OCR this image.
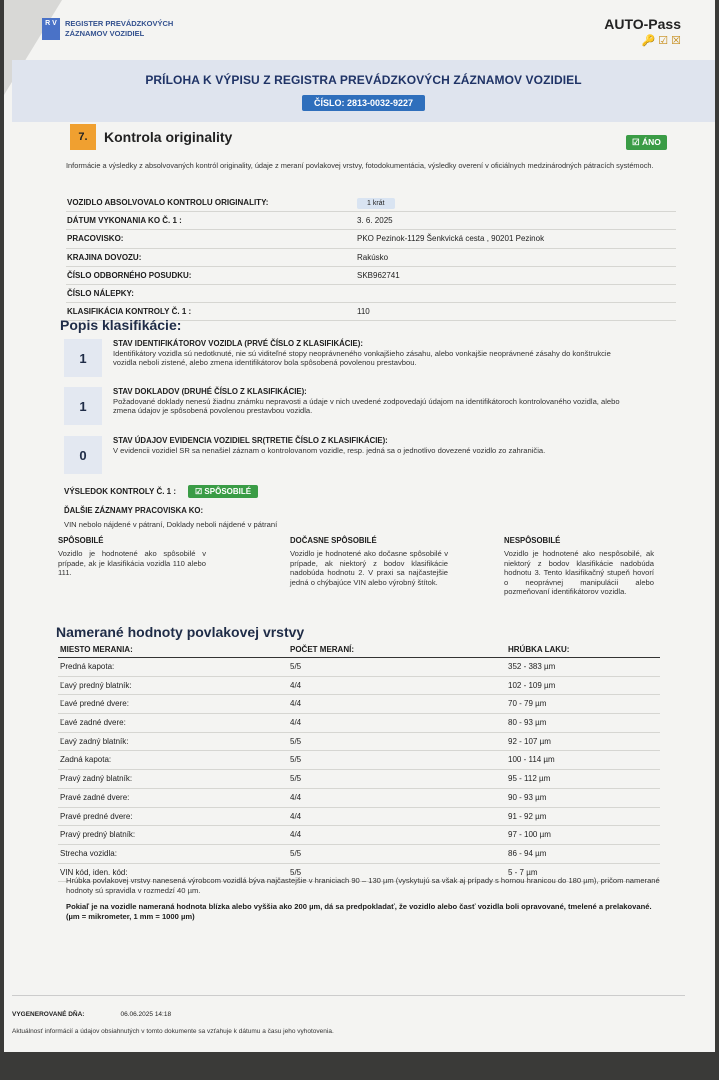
R V	REGISTER PREVÁDZKOVÝCH
ZÁZNAMOV VOZIDIEL
AUTO-Pass
🔑 ☑ ☒
PRÍLOHA K VÝPISU Z REGISTRA PREVÁDZKOVÝCH ZÁZNAMOV VOZIDIEL
ČÍSLO: 2813-0032-9227
7.	Kontrola originality	☑ ÁNO
Informácie a výsledky z absolvovaných kontról originality, údaje z meraní povlakovej vrstvy, fotodokumentácia, výsledky overení v oficiálnych medzinárodných pátracích systémoch.
VOZIDLO ABSOLVOVALO KONTROLU ORIGINALITY:	1 krát
DÁTUM VYKONANIA KO Č. 1 :	3. 6. 2025
PRACOVISKO:	PKO Pezinok-1129 Šenkvická cesta , 90201 Pezinok
KRAJINA DOVOZU:	Rakúsko
ČÍSLO ODBORNÉHO POSUDKU:	SKB962741
ČÍSLO NÁLEPKY:
KLASIFIKÁCIA KONTROLY Č. 1 :	110
Popis klasifikácie:
1
STAV IDENTIFIKÁTOROV VOZIDLA (PRVÉ ČÍSLO Z KLASIFIKÁCIE):
Identifikátory vozidla sú nedotknuté, nie sú viditeľné stopy neoprávneného vonkajšieho zásahu, alebo vonkajšie neoprávnené zásahy do konštrukcie vozidla neboli zistené, alebo zmena identifikátorov bola spôsobená povolenou prestavbou.
1
STAV DOKLADOV (DRUHÉ ČÍSLO Z KLASIFIKÁCIE):
Požadované doklady nenesú žiadnu známku nepravosti a údaje v nich uvedené zodpovedajú údajom na identifikátoroch kontrolovaného vozidla, alebo zmena údajov je spôsobená povolenou prestavbou vozidla.
0
STAV ÚDAJOV EVIDENCIA VOZIDIEL SR(TRETIE ČÍSLO Z KLASIFIKÁCIE):
V evidencii vozidiel SR sa nenašiel záznam o kontrolovanom vozidle, resp. jedná sa o jednotlivo dovezené vozidlo zo zahraničia.
VÝSLEDOK KONTROLY Č. 1 :	☑ SPÔSOBILÉ
ĎALŠIE ZÁZNAMY PRACOVISKA KO:
VIN nebolo nájdené v pátraní, Doklady neboli nájdené v pátraní
SPÔSOBILÉ
Vozidlo je hodnotené ako spôsobilé v prípade, ak je klasifikácia vozidla 110 alebo 111.
DOČASNE SPÔSOBILÉ
Vozidlo je hodnotené ako dočasne spôsobilé v prípade, ak niektorý z bodov klasifikácie nadobúda hodnotu 2. V praxi sa najčastejšie jedná o chýbajúce VIN alebo výrobný štítok.
NESPÔSOBILÉ
Vozidlo je hodnotené ako nespôsobilé, ak niektorý z bodov klasifikácie nadobúda hodnotu 3. Tento klasifikačný stupeň hovorí o neoprávnej manipulácii alebo pozmeňovaní identifikátorov vozidla.
Namerané hodnoty povlakovej vrstvy
MIESTO MERANIA:	POČET MERANÍ:	HRÚBKA LAKU:
Predná kapota:	5/5	352 - 383 µm
Ľavý predný blatník:	4/4	102 - 109 µm
Ľavé predné dvere:	4/4	70 - 79 µm
Ľavé zadné dvere:	4/4	80 - 93 µm
Ľavý zadný blatník:	5/5	92 - 107 µm
Zadná kapota:	5/5	100 - 114 µm
Pravý zadný blatník:	5/5	95 - 112 µm
Pravé zadné dvere:	4/4	90 - 93 µm
Pravé predné dvere:	4/4	91 - 92 µm
Pravý predný blatník:	4/4	97 - 100 µm
Strecha vozidla:	5/5	86 - 94 µm
VIN kód, iden. kód:	5/5	5 - 7 µm
Hrúbka povlakovej vrstvy nanesená výrobcom vozidlá býva najčastejšie v hraniciach 90 – 130 µm (vyskytujú sa však aj prípady s hornou hranicou do 180 µm), pričom namerané hodnoty sú spravidla v rozmedzí 40 µm.
Pokiaľ je na vozidle nameraná hodnota blízka alebo vyššia ako 200 µm, dá sa predpokladať, že vozidlo alebo časť vozidla boli opravované, tmelené a prelakované. (µm = mikrometer, 1 mm = 1000 µm)
VYGENEROVANÉ DŇA:	06.06.2025 14:18
Aktuálnosť informácií a údajov obsiahnutých v tomto dokumente sa vzťahuje k dátumu a času jeho vyhotovenia.
